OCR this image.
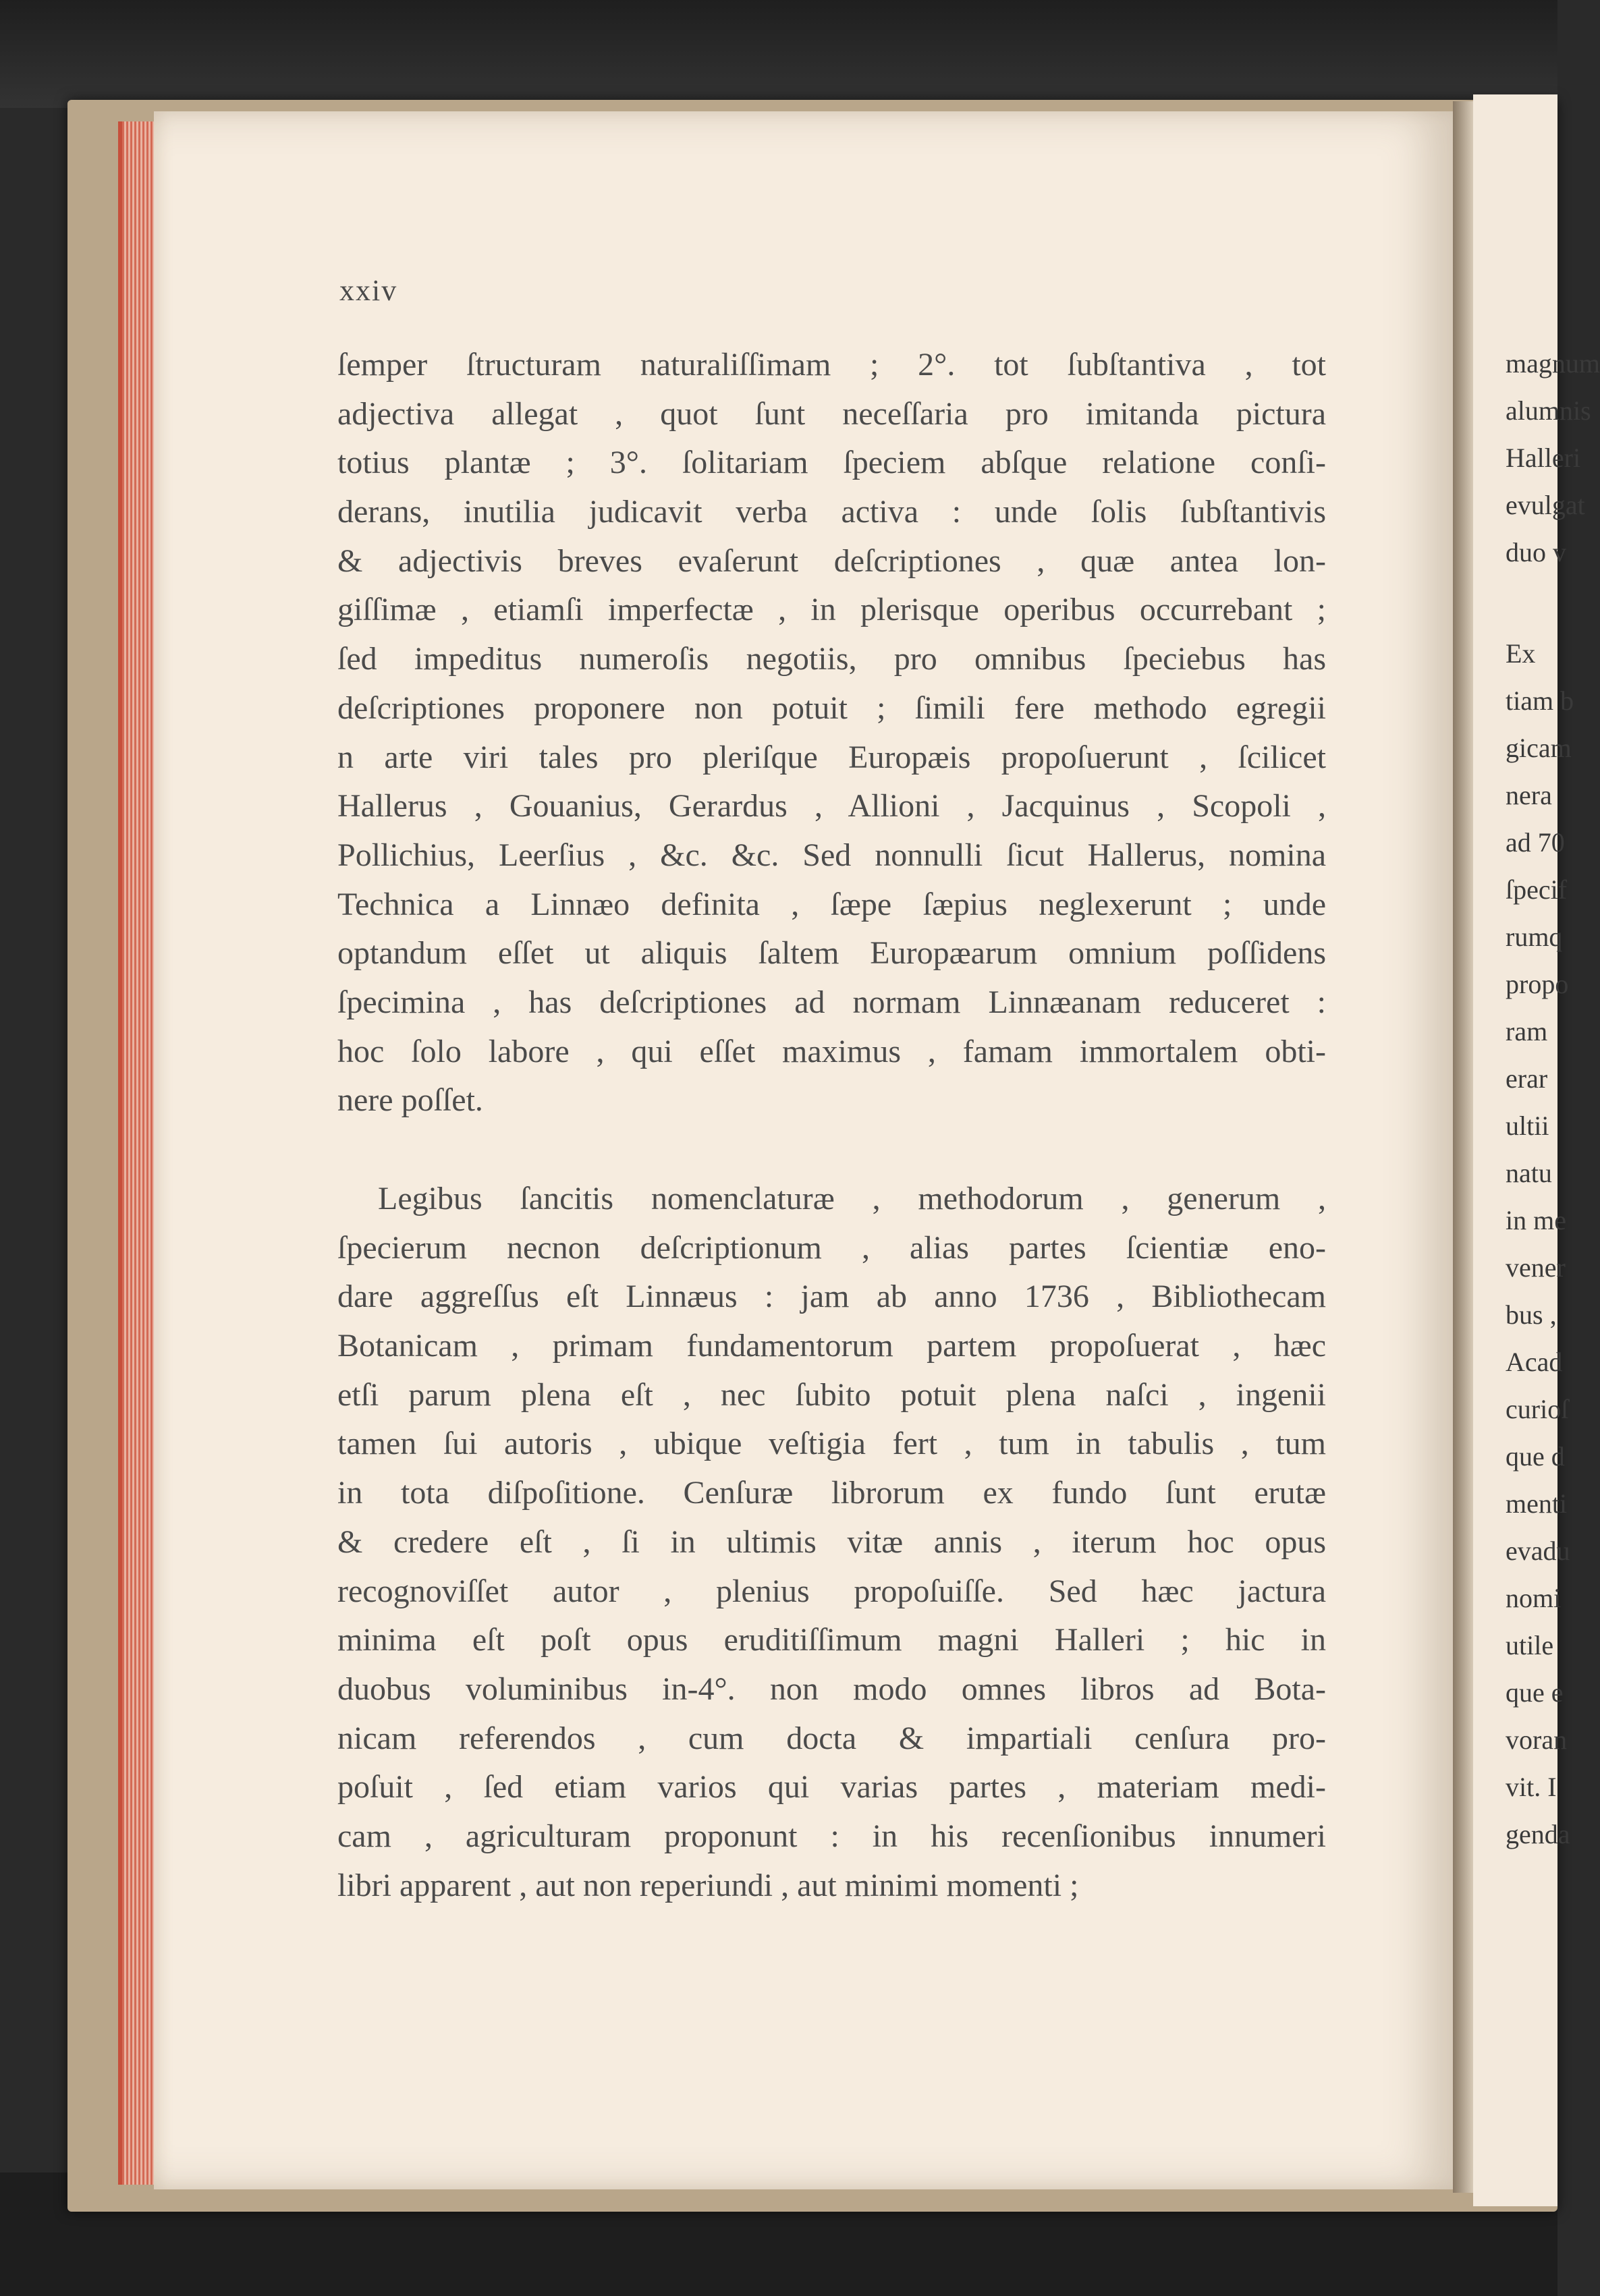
magnum
alumnis
Halleri
evulgat
duo v
Ex
tiam b
gicam
nera
ad 70
ſpecif
rumq
propo
ram
erar
ultii
natu
in me
vener
bus ,
Acad
curioſ
que d
menti
evadu
nomi
utile
que e
voran
vit. I
genda
xxiv
ſemper ſtructuram naturaliſſimam ; 2°. tot ſubſtantiva , tot
adjectiva allegat , quot ſunt neceſſaria pro imitanda pictura
totius plantæ ; 3°. ſolitariam ſpeciem abſque relatione conſi-
derans, inutilia judicavit verba activa : unde ſolis ſubſtantivis
& adjectivis breves evaſerunt deſcriptiones , quæ antea lon-
giſſimæ , etiamſi imperfectæ , in plerisque operibus occurrebant ;
ſed impeditus numeroſis negotiis, pro omnibus ſpeciebus has
deſcriptiones proponere non potuit ; ſimili fere methodo egregii
n arte viri tales pro pleriſque Europæis propoſuerunt , ſcilicet
Hallerus , Gouanius, Gerardus , Allioni , Jacquinus , Scopoli ,
Pollichius, Leerſius , &c. &c. Sed nonnulli ſicut Hallerus, nomina
Technica a Linnæo definita , ſæpe ſæpius neglexerunt ; unde
optandum eſſet ut aliquis ſaltem Europæarum omnium poſſidens
ſpecimina , has deſcriptiones ad normam Linnæanam reduceret :
hoc ſolo labore , qui eſſet maximus , famam immortalem obti-
nere poſſet.
Legibus ſancitis nomenclaturæ , methodorum , generum ,
ſpecierum necnon deſcriptionum , alias partes ſcientiæ eno-
dare aggreſſus eſt Linnæus : jam ab anno 1736 , Bibliothecam
Botanicam , primam fundamentorum partem propoſuerat , hæc
etſi parum plena eſt , nec ſubito potuit plena naſci , ingenii
tamen ſui autoris , ubique veſtigia fert , tum in tabulis , tum
in tota diſpoſitione. Cenſuræ librorum ex fundo ſunt erutæ
& credere eſt , ſi in ultimis vitæ annis , iterum hoc opus
recognoviſſet autor , plenius propoſuiſſe. Sed hæc jactura
minima eſt poſt opus eruditiſſimum magni Halleri ; hic in
duobus voluminibus in-4°. non modo omnes libros ad Bota-
nicam referendos , cum docta & impartiali cenſura pro-
poſuit , ſed etiam varios qui varias partes , materiam medi-
cam , agriculturam proponunt : in his recenſionibus innumeri
libri apparent , aut non reperiundi , aut minimi momenti ;
